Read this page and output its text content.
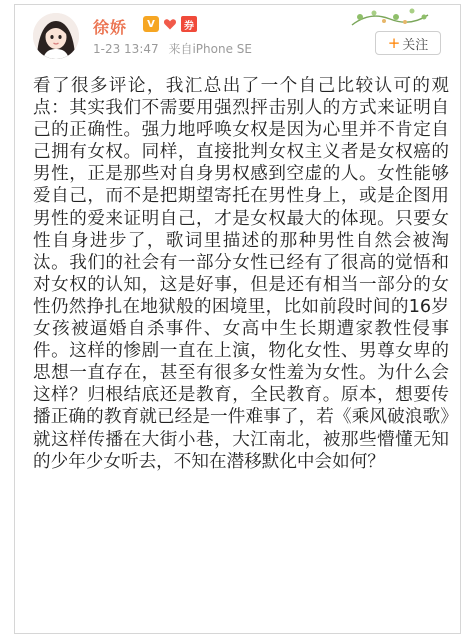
徐娇	V	券
1-23 13:47 来自iPhone SE	+ 关注

看了很多评论，我汇总出了一个自己比较认可的观点：其实我们不需要用强烈抨击别人的方式来证明自己的正确性。强力地呼唤女权是因为心里并不肯定自己拥有女权。同样，直接批判女权主义者是女权癌的男性，正是那些对自身男权感到空虚的人。女性能够爱自己，而不是把期望寄托在男性身上，或是企图用男性的爱来证明自己，才是女权最大的体现。只要女性自身进步了，歌词里描述的那种男性自然会被淘汰。我们的社会有一部分女性已经有了很高的觉悟和对女权的认知，这是好事，但是还有相当一部分的女性仍然挣扎在地狱般的困境里，比如前段时间的16岁女孩被逼婚自杀事件、女高中生长期遭家教性侵事件。这样的惨剧一直在上演，物化女性、男尊女卑的思想一直存在，甚至有很多女性羞为女性。为什么会这样？归根结底还是教育，全民教育。原本，想要传播正确的教育就已经是一件难事了，若《乘风破浪歌》就这样传播在大街小巷，大江南北，被那些懵懂无知的少年少女听去，不知在潜移默化中会如何？
